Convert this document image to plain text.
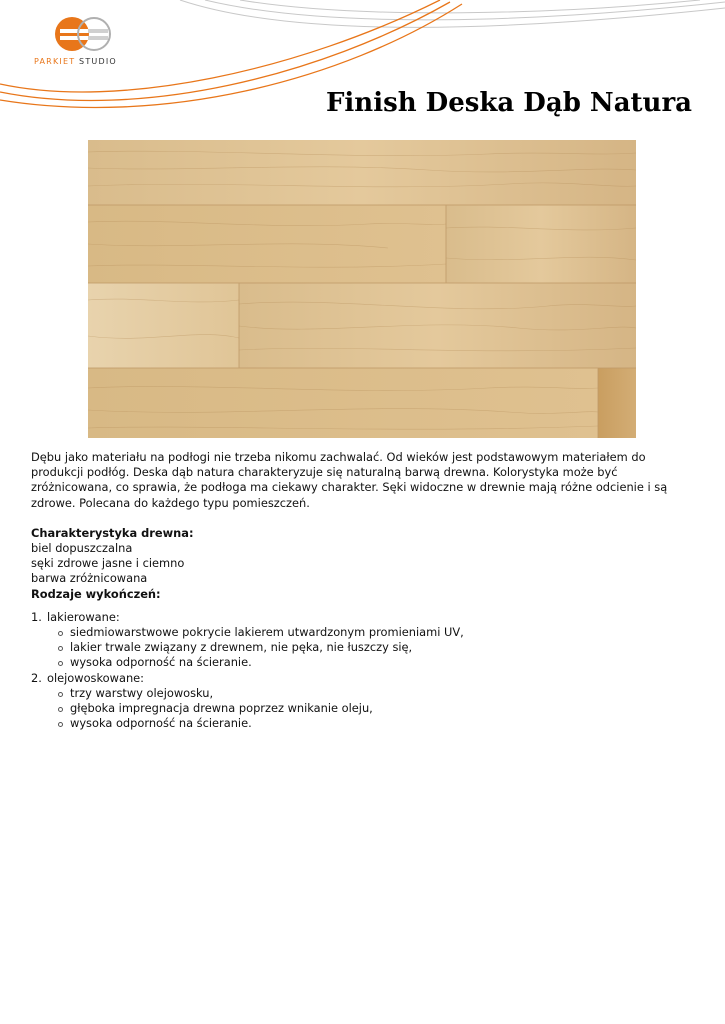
PARKIET STUDIO
Finish Deska Dąb Natura

Dębu jako materiału na podłogi nie trzeba nikomu zachwalać. Od wieków jest podstawowym materiałem do produkcji podłóg. Deska dąb natura charakteryzuje się naturalną barwą drewna. Kolorystyka może być zróżnicowana, co sprawia, że podłoga ma ciekawy charakter. Sęki widoczne w drewnie mają różne odcienie i są zdrowe. Polecana do każdego typu pomieszczeń.

Charakterystyka drewna:

biel dopuszczalna

sęki zdrowe jasne i ciemno

barwa zróżnicowana

Rodzaje wykończeń:

1. lakierowane:
siedmiowarstwowe pokrycie lakierem utwardzonym promieniami UV,
lakier trwale związany z drewnem, nie pęka, nie łuszczy się,
wysoka odporność na ścieranie.
2. olejowoskowane:
trzy warstwy olejowosku,
głęboka impregnacja drewna poprzez wnikanie oleju,
wysoka odporność na ścieranie.
